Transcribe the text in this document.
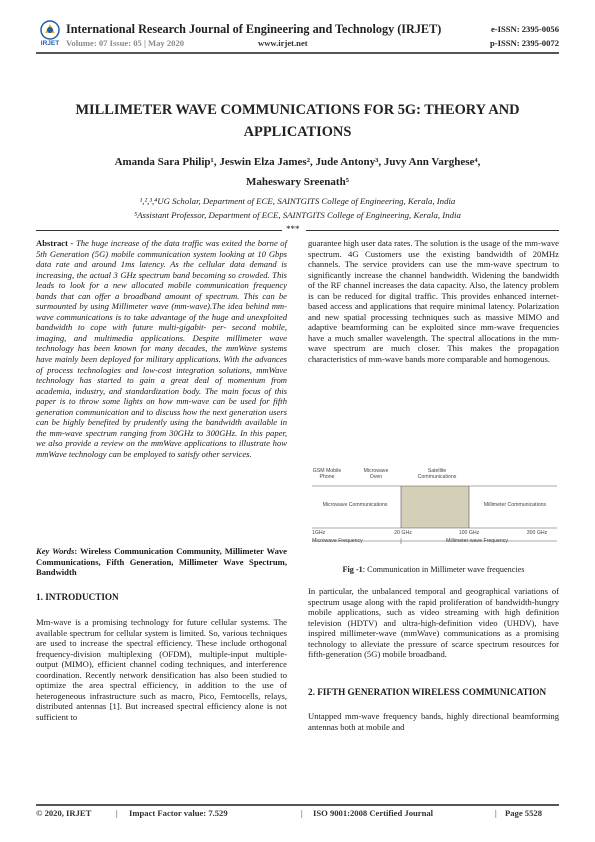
IRJET
International Research Journal of Engineering and Technology (IRJET)
Volume: 07 Issue: 05 | May 2020	www.irjet.net
e-ISSN: 2395-0056
p-ISSN: 2395-0072
MILLIMETER WAVE COMMUNICATIONS FOR 5G: THEORY AND APPLICATIONS
Amanda Sara Philip¹, Jeswin Elza James², Jude Antony³, Juvy Ann Varghese⁴,
Maheswary Sreenath⁵
¹,²,³,⁴UG Scholar, Department of ECE, SAINTGITS College of Engineering, Kerala, India
⁵Assistant Professor, Department of ECE, SAINTGITS College of Engineering, Kerala, India
***
Abstract - The huge increase of the data traffic was exited the borne of 5th Generation (5G) mobile communication system looking at 10 Gbps data rate and around 1ms latency. As the cellular data demand is increasing, the actual 3 GHz spectrum band becoming so crowded. This leads to look for a new allocated mobile communication frequency bands that can offer a broadband amount of spectrum. This can be surmounted by using Millimeter wave (mm-wave).The idea behind mm-wave communications is to take advantage of the huge and unexploited bandwidth to cope with future multi-gigabit- per- second mobile, imaging, and multimedia applications. Despite millimeter wave technology has been known for many decades, the mmWave systems have mainly been deployed for military applications. With the advances of process technologies and low-cost integration solutions, mmWave technology has started to gain a great deal of momentum from academia, industry, and standardization body. The main focus of this paper is to throw some lights on how mm-wave can be used for fifth generation communication and to discuss how the next generation users can be highly benefited by prudently using the bandwidth available in the mm-wave spectrum ranging from 30GHz to 300GHz. In this paper, we also provide a review on the mmWave applications to illustrate how mmWave technology can be employed to satisfy other services.
Key Words: Wireless Communication Community, Millimeter Wave Communications, Fifth Generation, Millimeter Wave Spectrum, Bandwidth
1. INTRODUCTION
Mm-wave is a promising technology for future cellular systems. The available spectrum for cellular system is limited. So, various techniques are used to increase the spectral efficiency. These include orthogonal frequency-division multiplexing (OFDM), multiple-input multiple-output (MIMO), efficient channel coding techniques, and interference coordination. Recently network densification has also been studied to optimize the area spectral efficiency, in addition to the use of heterogeneous infrastructure such as macro, Pico, Femtocells, relays, distributed antennas [1]. But increased spectral efficiency alone is not sufficient to
guarantee high user data rates. The solution is the usage of the mm-wave spectrum. 4G Customers use the existing bandwidth of 20MHz channels. The service providers can use the mm-wave spectrum to significantly increase the channel bandwidth. Widening the bandwidth of the RF channel increases the data capacity. Also, the latency problem is can be reduced for digital traffic. This provides enhanced internet-based access and applications that require minimal latency. Polarization and new spatial processing techniques such as massive MIMO and adaptive beamforming can be exploited since mm-wave frequencies have a much smaller wavelength. The spectral allocations in the mm-wave spectrum are much closer. This makes the propagation characteristics of mm-wave bands more comparable and homogenous.
GSM Mobile Phone
Microwave Oven
Satellite Communications
Microwave Communications	Millimeter Communications
1GHz	20 GHz	100 GHz	300 GHz
Microwave Frequency	Millimeter-wave Frequency
Fig -1: Communication in Millimeter wave frequencies
In particular, the unbalanced temporal and geographical variations of spectrum usage along with the rapid proliferation of bandwidth-hungry mobile applications, such as video streaming with high definition television (HDTV) and ultra-high-definition video (UHDV), have inspired millimeter-wave (mmWave) communications as a promising technology to alleviate the pressure of scarce spectrum resources for fifth-generation (5G) mobile broadband.
2. FIFTH GENERATION WIRELESS COMMUNICATION
Untapped mm-wave frequency bands, highly directional beamforming antennas both at mobile and
© 2020, IRJET	Impact Factor value: 7.529	ISO 9001:2008 Certified Journal	Page 5528
|	|	|
